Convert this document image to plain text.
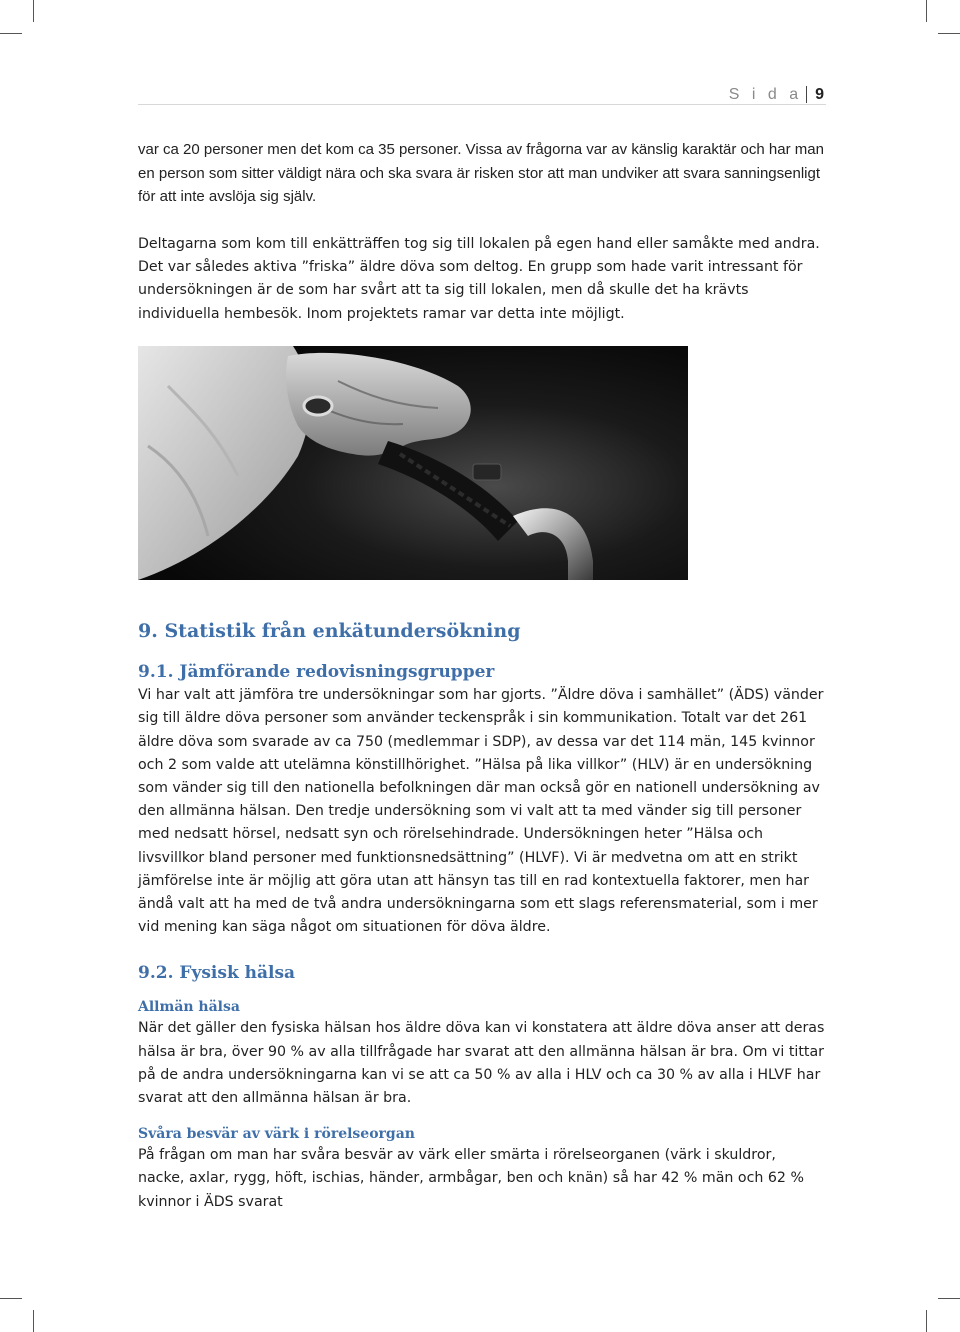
S i d a 9

var ca 20 personer men det kom ca 35 personer. Vissa av frågorna var av känslig karaktär och har man en person som sitter väldigt nära och ska svara är risken stor att man undviker att svara sanningsenligt för att inte avslöja sig själv.

Deltagarna som kom till enkätträffen tog sig till lokalen på egen hand eller samåkte med andra. Det var således aktiva ”friska” äldre döva som deltog. En grupp som hade varit intressant för undersökningen är de som har svårt att ta sig till lokalen, men då skulle det ha krävts individuella hembesök. Inom projektets ramar var detta inte möjligt.

9. Statistik från enkätundersökning
9.1. Jämförande redovisningsgrupper

Vi har valt att jämföra tre undersökningar som har gjorts. ”Äldre döva i samhället” (ÄDS) vänder sig till äldre döva personer som använder teckenspråk i sin kommunikation. Totalt var det 261 äldre döva som svarade av ca 750 (medlemmar i SDP), av dessa var det 114 män, 145 kvinnor och 2 som valde att utelämna könstillhörighet. ”Hälsa på lika villkor” (HLV) är en undersökning som vänder sig till den nationella befolkningen där man också gör en nationell undersökning av den allmänna hälsan. Den tredje undersökning som vi valt att ta med vänder sig till personer med nedsatt hörsel, nedsatt syn och rörelsehindrade. Undersökningen heter ”Hälsa och livsvillkor bland personer med funktionsnedsättning” (HLVF). Vi är medvetna om att en strikt jämförelse inte är möjlig att göra utan att hänsyn tas till en rad kontextuella faktorer, men har ändå valt att ha med de två andra undersökningarna som ett slags referensmaterial, som i mer vid mening kan säga något om situationen för döva äldre.

9.2. Fysisk hälsa
Allmän hälsa

När det gäller den fysiska hälsan hos äldre döva kan vi konstatera att äldre döva anser att deras hälsa är bra, över 90 % av alla tillfrågade har svarat att den allmänna hälsan är bra. Om vi tittar på de andra undersökningarna kan vi se att ca 50 % av alla i HLV och ca 30 % av alla i HLVF har svarat att den allmänna hälsan är bra.

Svåra besvär av värk i rörelseorgan

På frågan om man har svåra besvär av värk eller smärta i rörelseorganen (värk i skuldror, nacke, axlar, rygg, höft, ischias, händer, armbågar, ben och knän) så har 42 % män och 62 % kvinnor i ÄDS svarat
